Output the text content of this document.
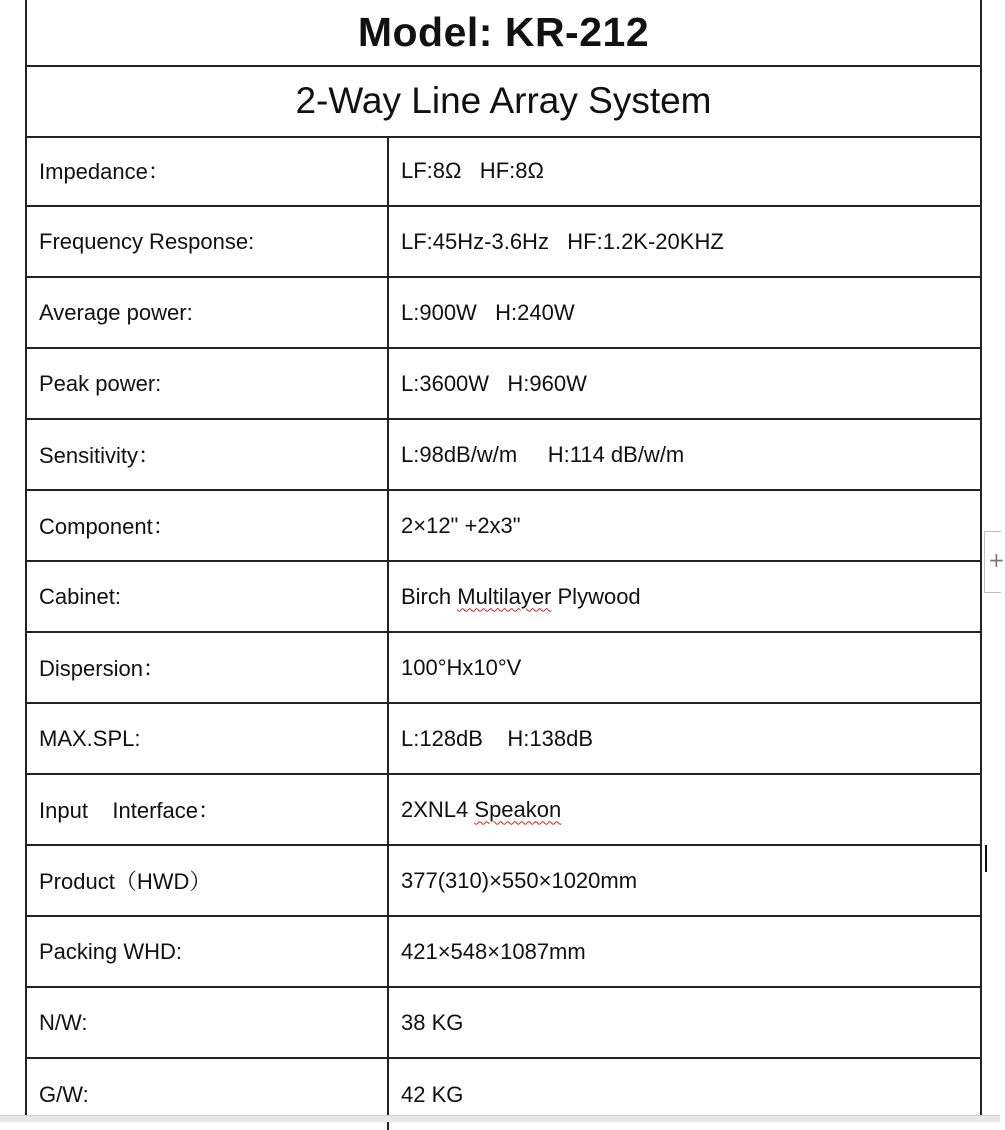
Model: KR-212
2-Way Line Array System
Impedance：	LF:8Ω   HF:8Ω
Frequency Response:	LF:45Hz-3.6Hz   HF:1.2K-20KHZ
Average power:	L:900W   H:240W
Peak power:	L:3600W   H:960W
Sensitivity：	L:98dB/w/m     H:114 dB/w/m
Component：	2×12" +2x3"
Cabinet:	Birch Multilayer Plywood
Dispersion：	100°Hx10°V
MAX.SPL:	L:128dB    H:138dB
Input    Interface：	2XNL4 Speakon
Product（HWD）	377(310)×550×1020mm
Packing WHD:	421×548×1087mm
N/W:	38 KG
G/W:	42 KG
+
